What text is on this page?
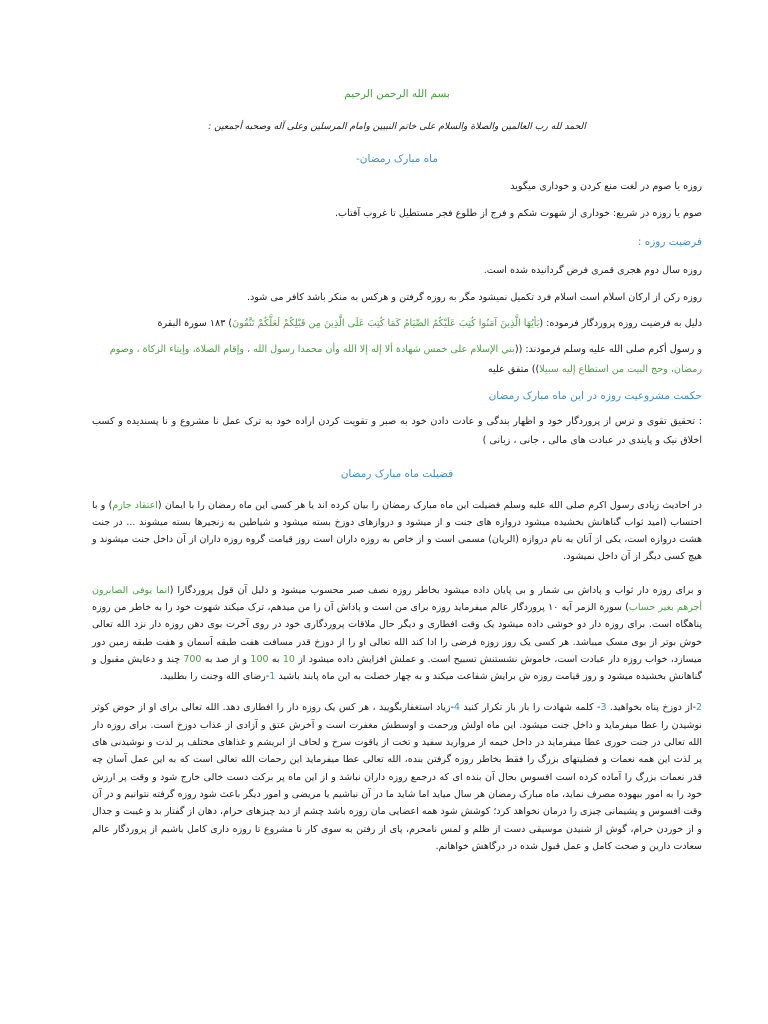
بسم الله الرحمن الرحیم

الحمد لله رب العالمین والصلاة والسلام علی خاتم النبیین وامام المرسلین وعلی آله وصحبه أجمعین :

ماه مبارک رمضان-

روزه یا صوم در لغت منع کردن و خوداری میگوید

صوم یا روزه در شریع: خوداری از شهوت شکم و فرج از طلوع فجر مستطیل تا غروب آفتاب.

فرضیت روزه :

روزه سال دوم هجری قمری فرض گردانیده شده است.

روزه رکن از ارکان اسلام است اسلام فرد تکمیل نمیشود مگر به روزه گرفتن و هرکس به منکر باشد کافر می شود.

دلیل به فرضیت روزه پروردگار فرموده: (يَأيُهَا الَّذِينَ آمَنُوا كُتِبَ عَلَيْكُمُ الصِّيَامُ كَمَا كُتِبَ عَلَى الَّذِينَ مِن قَبْلِكُمْ لَعَلَّكُمْ تَتَّقُونَ) ۱۸۳ سورة البقرة

و رسول أکرم صلی الله علیه وسلم فرمودند: ((بني الإسلام على خمس شهادة ألا إله إلا الله وأن محمدا رسول الله ، وإقام الصلاة، وإيتاء الزكاة ، وصوم رمضان، وحج البيت من استطاع إليه سبيلا)) متفق علیه

حکمت مشروعیت روزه در این ماه مبارک رمضان

: تحقیق تقوی و ترس از پروردگار خود و اظهار بندگی و عادت دادن خود به صبر و تقویت کردن اراده خود به ترک عمل نا مشروع و نا پسندیده و کسب اخلاق نیک و پایندی در عبادت های مالی ، جانی ، زبانی )

فضیلت ماه مبارک رمضان

در احادیث زیادی رسول اکرم صلی الله علیه وسلم فضیلت این ماه مبارک رمضان را بیان کرده اند یا هر کسی این ماه رمضان را با ایمان (اعتقاد جازم) و با احتساب (امید ثواب گناهانش بخشیده میشود دروازه های جنت و از میشود و دروازهای دوزخ بسته میشود و شیاطین به زنجیرها بسته میشوند ... در جنت هشت دروازه است، یکی از آنان به نام دروازه (الریان) مسمی است و از خاص به روزه داران است روز قیامت گروه روزه داران از آن داخل جنت میشوند و هیچ کسی دیگر از آن داخل نمیشود.

و برای روزه دار ثواب و پاداش بی شمار و بی پایان داده میشود بخاطر روزه نصف صبر محسوب میشود و دلیل آن قول پروردگارا (انما یوفی الصابرون أجرهم بغیر حساب) سورة الزمر آیه ۱۰ پروردگار عالم میفرماید روزه برای من است و پاداش آن را من میدهم، ترک میکند شهوت خود را به خاطر من روزه پناهگاه است. برای روزه دار دو خوشی داده میشود یک وقت افطاری و دیگر حال ملاقات پروردگاری خود در روی آخرت بوی دهن روزه دار نزد الله تعالی خوش بوتر از بوی مسک میباشد. هر کسی یک روز روزه فرضی را ادا کند الله تعالی او را از دوزخ قدر مسافت هفت طبقه آسمان و هفت طبقه زمین دور میسازد، خواب روزه دار عبادت است، خاموش نشستنش تسبیح است. و عملش افزایش داده میشود از 10 به 100 و از صد به 700 چند و دعایش مقبول و گناهانش بخشیده میشود و روز قیامت روزه ش برایش شفاعت میکند و به چهار خصلت به این ماه پابند باشید 1-رضای الله وجنت را بطلبید.

2-از دوزخ پناه بخواهید. 3- کلمه شهادت را بار بار تکرار کنید 4-زیاد استغفاربگویید ، هر کس یک روزه دار را افطاری دهد. الله تعالی برای او از حوض کوثر نوشیدن را عطا میفرماید و داخل جنت میشود. این ماه اولش ورحمت و اوسطش مغفرت است و آخرش عتق و آزادی از عذاب دوزخ است. برای روزه دار الله تعالی در جنت حوری عطا میفرماید در داخل خیمه از مروارید سفید و تخت از یاقوت سرخ و لحاف از ابریشم و غذاهای مختلف پر لذت و نوشیدنی های پر لذت این همه نعمات و فضلیتهای بزرگ را فقط بخاطر روزه گرفتن بنده، الله تعالی عطا میفرماید این رحمات الله تعالی است که به این عمل آسان چه قدر نعمات بزرگ را آماده کرده است افسوس بحال آن بنده ای که درجمع روزه داران نباشد و از این ماه پر برکت دست خالی خارج شود و وقت پر ارزش خود را به امور بیهوده مصرف نماید، ماه مبارک رمضان هر سال میاید اما شاید ما در آن نباشیم یا مریضی و امور دیگر باعث شود روزه گرفته نتوانیم و در آن وقت افسوس و پشیمانی چیزی را درمان نخواهد کرد؛ کوشش شود همه اعضایی مان روزه باشد چشم از دید چیزهای حرام، دهان از گفتار بد و غیبت و جدال و از خوردن حرام، گوش از شنیدن موسیقی دست از ظلم و لمس نامحرم، پای از رفتن به سوی کار نا مشروع تا روزه داری کامل باشیم از پروردگار عالم سعادت دارین و صحت کامل و عمل قبول شده در درگاهش خواهانم.
